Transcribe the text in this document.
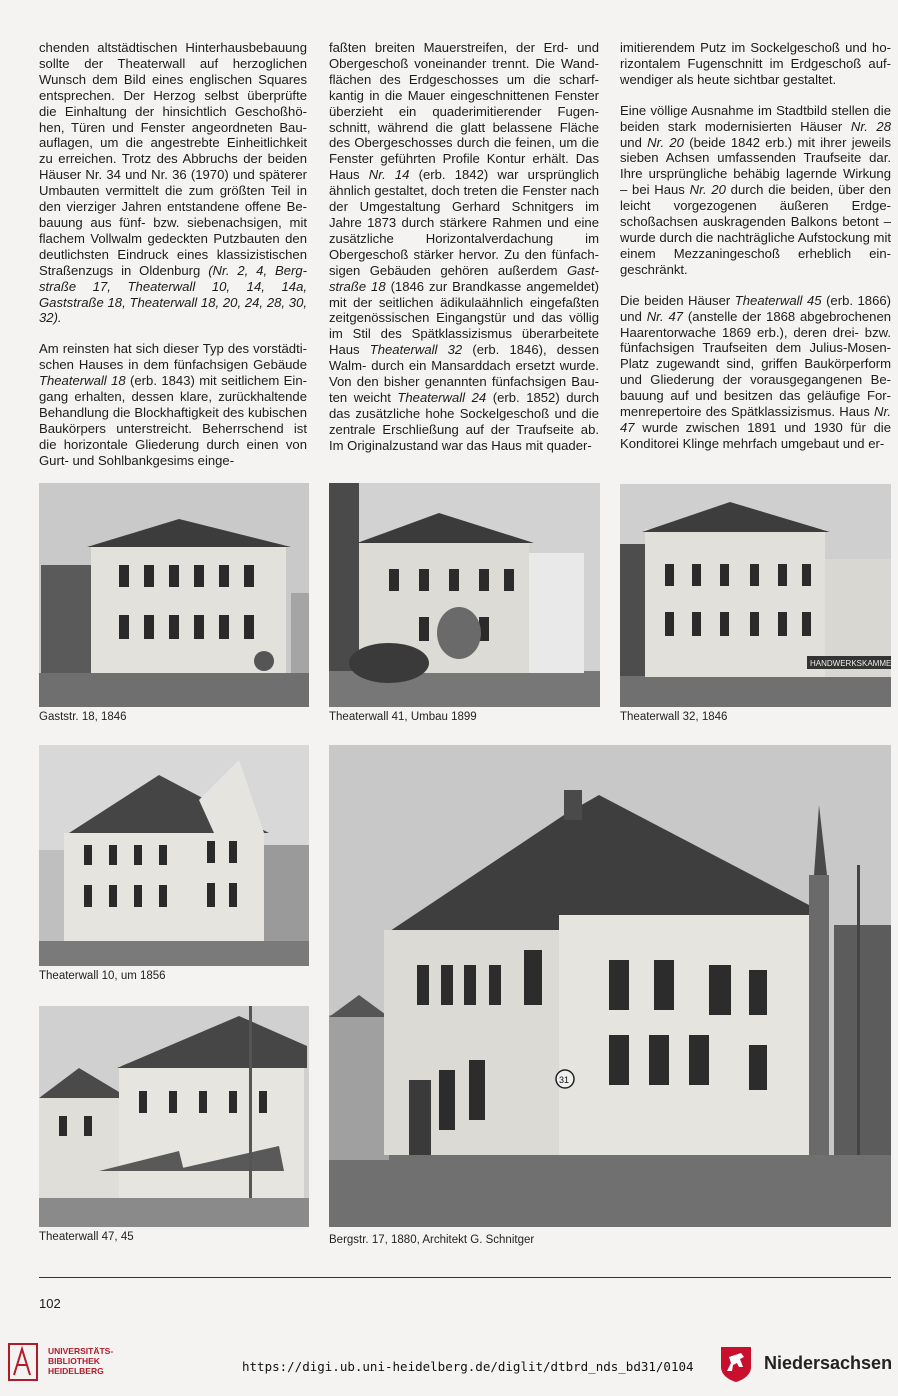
chenden altstädtischen Hinterhausbebauung sollte der Theaterwall auf herzoglichen Wunsch dem Bild eines englischen Squares entsprechen. Der Herzog selbst überprüfte die Einhaltung der hinsichtlich Geschoßhöhen, Türen und Fenster angeordneten Bauauflagen, um die angestrebte Einheitlichkeit zu erreichen. Trotz des Abbruchs der beiden Häuser Nr. 34 und Nr. 36 (1970) und späterer Umbauten vermittelt die zum größten Teil in den vierziger Jahren entstandene offene Bebauung aus fünf- bzw. siebenachsigen, mit flachem Vollwalm gedeckten Putzbauten den deutlichsten Eindruck eines klassizistischen Straßenzugs in Oldenburg (Nr. 2, 4, Bergstraße 17, Theaterwall 10, 14, 14a, Gaststraße 18, Theaterwall 18, 20, 24, 28, 30, 32).

Am reinsten hat sich dieser Typ des vorstädtischen Hauses in dem fünfachsigen Gebäude Theaterwall 18 (erb. 1843) mit seitlichem Eingang erhalten, dessen klare, zurückhaltende Behandlung die Blockhaftigkeit des kubischen Baukörpers unterstreicht. Beherrschend ist die horizontale Gliederung durch einen von Gurt- und Sohlbankgesims einge-

faßten breiten Mauerstreifen, der Erd- und Obergeschoß voneinander trennt. Die Wandflächen des Erdgeschosses um die scharfkantig in die Mauer eingeschnittenen Fenster überzieht ein quaderimitierender Fugenschnitt, während die glatt belassene Fläche des Obergeschosses durch die feinen, um die Fenster geführten Profile Kontur erhält. Das Haus Nr. 14 (erb. 1842) war ursprünglich ähnlich gestaltet, doch treten die Fenster nach der Umgestaltung Gerhard Schnitgers im Jahre 1873 durch stärkere Rahmen und eine zusätzliche Horizontalverdachung im Obergeschoß stärker hervor. Zu den fünfachsigen Gebäuden gehören außerdem Gaststraße 18 (1846 zur Brandkasse angemeldet) mit der seitlichen ädikulaähnlich eingefaßten zeitgenössischen Eingangstür und das völlig im Stil des Spätklassizismus überarbeitete Haus Theaterwall 32 (erb. 1846), dessen Walm- durch ein Mansarddach ersetzt wurde. Von den bisher genannten fünfachsigen Bauten weicht Theaterwall 24 (erb. 1852) durch das zusätzliche hohe Sockelgeschoß und die zentrale Erschließung auf der Traufseite ab. Im Originalzustand war das Haus mit quader-

imitierendem Putz im Sockelgeschoß und horizontalem Fugenschnitt im Erdgeschoß aufwendiger als heute sichtbar gestaltet.

Eine völlige Ausnahme im Stadtbild stellen die beiden stark modernisierten Häuser Nr. 28 und Nr. 20 (beide 1842 erb.) mit ihrer jeweils sieben Achsen umfassenden Traufseite dar. Ihre ursprüngliche behäbig lagernde Wirkung – bei Haus Nr. 20 durch die beiden, über den leicht vorgezogenen äußeren Erdgeschoßachsen auskragenden Balkons betont – wurde durch die nachträgliche Aufstockung mit einem Mezzaningeschoß erheblich eingeschränkt.

Die beiden Häuser Theaterwall 45 (erb. 1866) und Nr. 47 (anstelle der 1868 abgebrochenen Haarentorwache 1869 erb.), deren drei- bzw. fünfachsigen Traufseiten dem Julius-Mosen-Platz zugewandt sind, griffen Baukörperform und Gliederung der vorausgegangenen Bebauung auf und besitzen das geläufige Formenrepertoire des Spätklassizismus. Haus Nr. 47 wurde zwischen 1891 und 1930 für die Konditorei Klinge mehrfach umgebaut und er-

Gaststr. 18, 1846	Theaterwall 41, Umbau 1899
HANDWERKSKAMME
Theaterwall 32, 1846
Theaterwall 10, um 1856
Theaterwall 47, 45
31
Bergstr. 17, 1880, Architekt G. Schnitger
102
UNIVERSITÄTS-
BIBLIOTHEK
HEIDELBERG	https://digi.ub.uni-heidelberg.de/diglit/dtbrd_nds_bd31/0104	Niedersachsen
